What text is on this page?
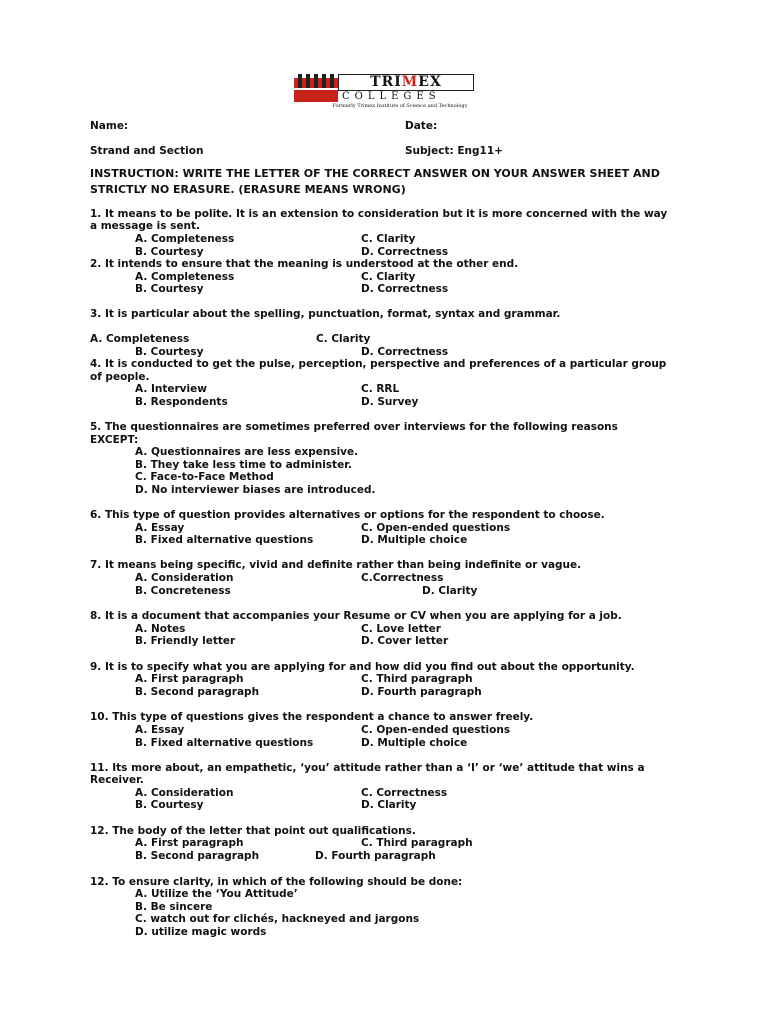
TRIMEX
COLLEGES
Formerly Trimex Institute of Science and Technology
Name:	Date:
Strand and Section	Subject: Eng11+
INSTRUCTION: WRITE THE LETTER OF THE CORRECT ANSWER ON YOUR ANSWER SHEET AND
STRICTLY NO ERASURE. (ERASURE MEANS WRONG)
1. It means to be polite. It is an extension to consideration but it is more concerned with the way
a message is sent.
A. Completeness	C. Clarity
B. Courtesy	D. Correctness
2. It intends to ensure that the meaning is understood at the other end.
A. Completeness	C. Clarity
B. Courtesy	D. Correctness
3. It is particular about the spelling, punctuation, format, syntax and grammar.
A. Completeness	C. Clarity
B. Courtesy	D. Correctness
4. It is conducted to get the pulse, perception, perspective and preferences of a particular group
of people.
A. Interview	C. RRL
B. Respondents	D. Survey
5. The questionnaires are sometimes preferred over interviews for the following reasons
EXCEPT:
A. Questionnaires are less expensive.
B. They take less time to administer.
C. Face-to-Face Method
D. No interviewer biases are introduced.
6. This type of question provides alternatives or options for the respondent to choose.
A. Essay	C. Open-ended questions
B. Fixed alternative questions	D. Multiple choice
7. It means being specific, vivid and definite rather than being indefinite or vague.
A. Consideration	C.Correctness
B. Concreteness	D. Clarity
8. It is a document that accompanies your Resume or CV when you are applying for a job.
A. Notes	C. Love letter
B. Friendly letter	D. Cover letter
9. It is to specify what you are applying for and how did you find out about the opportunity.
A. First paragraph	C. Third paragraph
B. Second paragraph	D. Fourth paragraph
10. This type of questions gives the respondent a chance to answer freely.
A. Essay	C. Open-ended questions
B. Fixed alternative questions	D. Multiple choice
11. Its more about, an empathetic, ‘you’ attitude rather than a ‘I’ or ‘we’ attitude that wins a
Receiver.
A. Consideration	C. Correctness
B. Courtesy	D. Clarity
12. The body of the letter that point out qualifications.
A. First paragraph	C. Third paragraph
B. Second paragraph	D. Fourth paragraph
12. To ensure clarity, in which of the following should be done:
A. Utilize the ‘You Attitude’
B. Be sincere
C. watch out for clichés, hackneyed and jargons
D. utilize magic words
